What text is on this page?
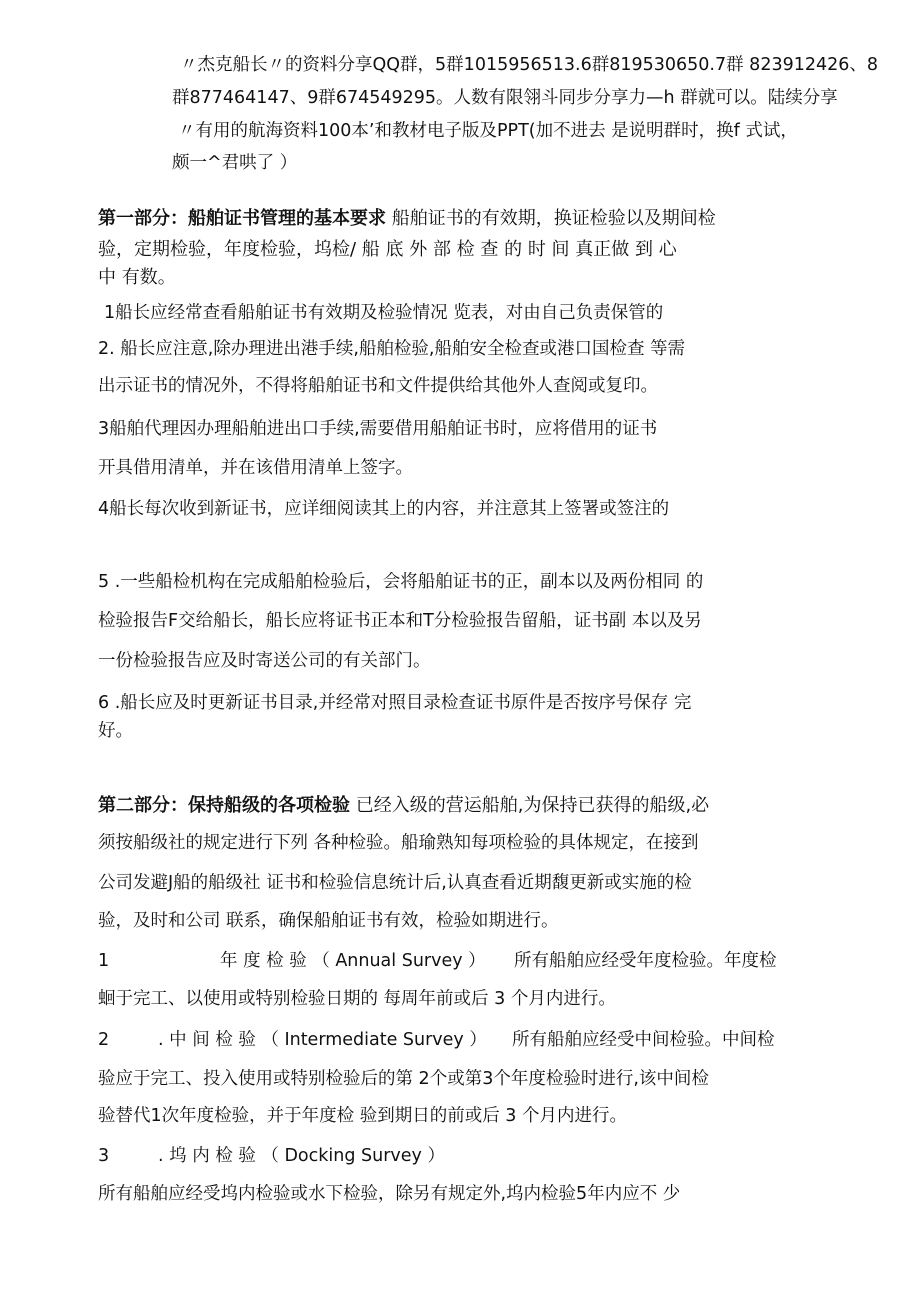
〃杰克船长〃的资料分享QQ群，5群1015956513.6群819530650.7群 823912426、8
群877464147、9群674549295。人数有限翎斗同步分享力—h 群就可以。陆续分享
〃有用的航海资料100本’和教材电子版及PPT(加不进去 是说明群时，换f 式试，
颇一^君哄了 ）
第一部分：船舶证书管理的基本要求 船舶证书的有效期，换证检验以及期间检
验，定期检验，年度检验，坞检/ 船 底 外 部 检 查 的 时 间 真正做 到 心
中 有数。
1船长应经常查看船舶证书有效期及检验情况 览表，对由自己负责保管的
2. 船长应注意,除办理进出港手续,船舶检验,船舶安全检查或港口国检查 等需
出示证书的情况外，不得将船舶证书和文件提供给其他外人查阅或复印。
3船舶代理因办理船舶进出口手续,需要借用船舶证书时，应将借用的证书
开具借用清单，并在该借用清单上签字。
4船长每次收到新证书，应详细阅读其上的内容，并注意其上签署或签注的
5 .一些船检机构在完成船舶检验后，会将船舶证书的正，副本以及两份相同 的
检验报告F交给船长，船长应将证书正本和T分检验报告留船，证书副 本以及另
一份检验报告应及时寄送公司的有关部门。
6 .船长应及时更新证书目录,并经常对照目录检查证书原件是否按序号保存 完
好。
第二部分：保持船级的各项检验 已经入级的营运船舶,为保持已获得的船级,必
须按船级社的规定进行下列 各种检验。船瑜熟知每项检验的具体规定，在接到
公司发避J船的船级社 证书和检验信息统计后,认真查看近期馥更新或实施的检
验，及时和公司 联系，确保船舶证书有效，检验如期进行。
1	年 度 检 验 （ Annual Survey ） 所有船舶应经受年度检验。年度检
蛔于完工、以使用或特别检验日期的 每周年前或后 3 个月内进行。
2	. 中 间 检 验 （ Intermediate Survey ） 所有船舶应经受中间检验。中间检
验应于完工、投入使用或特别检验后的第 2个或第3个年度检验时进行,该中间检
验替代1次年度检验，并于年度检 验到期日的前或后 3 个月内进行。
3	. 坞 内 检 验 （ Docking Survey ）
所有船舶应经受坞内检验或水下检验，除另有规定外,坞内检验5年内应不 少
